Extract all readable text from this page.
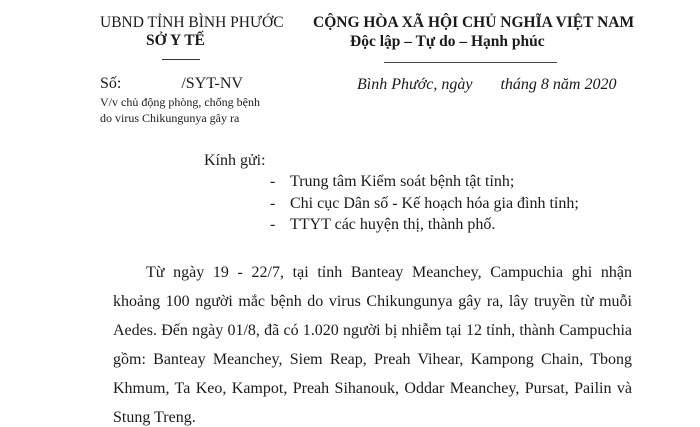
UBND TỈNH BÌNH PHƯỚC
SỞ Y TẾ
CỘNG HÒA XÃ HỘI CHỦ NGHĨA VIỆT NAM
Độc lập – Tự do – Hạnh phúc
Số:	/SYT-NV
V/v chủ động phòng, chống bệnh
do virus Chikungunya gây ra
Bình Phước, ngày tháng 8 năm 2020
Kính gửi:
- Trung tâm Kiểm soát bệnh tật tỉnh;
- Chi cục Dân số - Kế hoạch hóa gia đình tỉnh;
- TTYT các huyện thị, thành phố.
Từ ngày 19 - 22/7, tại tỉnh Banteay Meanchey, Campuchia ghi nhận
khoảng 100 người mắc bệnh do virus Chikungunya gây ra, lây truyền từ muỗi
Aedes. Đến ngày 01/8, đã có 1.020 người bị nhiễm tại 12 tỉnh, thành Campuchia
gồm: Banteay Meanchey, Siem Reap, Preah Vihear, Kampong Chain, Tbong
Khmum, Ta Keo, Kampot, Preah Sihanouk, Oddar Meanchey, Pursat, Pailin và
Stung Treng.
